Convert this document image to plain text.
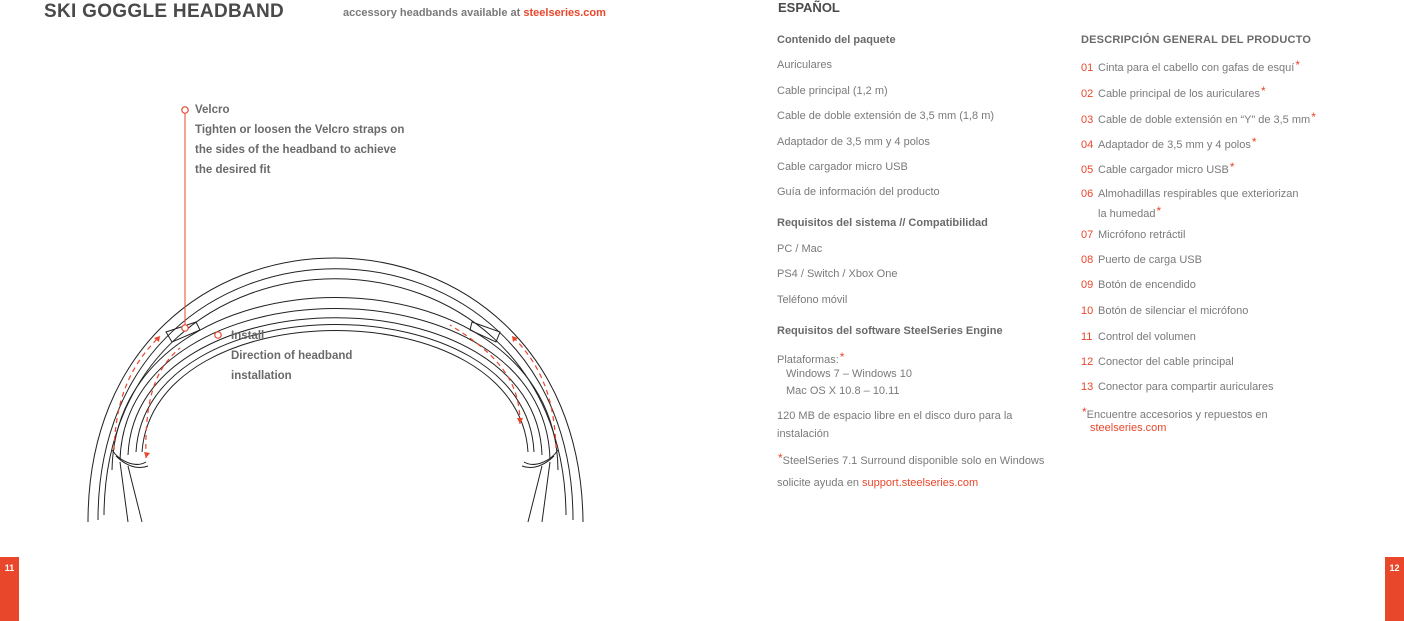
SKI GOGGLE HEADBAND	accessory headbands available at steelseries.com
Velcro
Tighten or loosen the Velcro straps on
the sides of the headband to achieve
the desired fit
Install
Direction of headband
installation
11
ESPAÑOL
Contenido del paquete
Auriculares
Cable principal (1,2 m)
Cable de doble extensión de 3,5 mm (1,8 m)
Adaptador de 3,5 mm y 4 polos
Cable cargador micro USB
Guía de información del producto
Requisitos del sistema // Compatibilidad
PC / Mac
PS4 / Switch / Xbox One
Teléfono móvil
Requisitos del software SteelSeries Engine
Plataformas:*
Windows 7 – Windows 10
Mac OS X 10.8 – 10.11
120 MB de espacio libre en el disco duro para la
instalación
*SteelSeries 7.1 Surround disponible solo en Windows
solicite ayuda en support.steelseries.com
DESCRIPCIÓN GENERAL DEL PRODUCTO
01 Cinta para el cabello con gafas de esquí*
02 Cable principal de los auriculares*
03 Cable de doble extensión en “Y” de 3,5 mm*
04 Adaptador de 3,5 mm y 4 polos*
05 Cable cargador micro USB*
06 Almohadillas respirables que exteriorizan
la humedad*
07 Micrófono retráctil
08 Puerto de carga USB
09 Botón de encendido
10 Botón de silenciar el micrófono
11 Control del volumen
12 Conector del cable principal
13 Conector para compartir auriculares
*Encuentre accesorios y repuestos en
steelseries.com
12
